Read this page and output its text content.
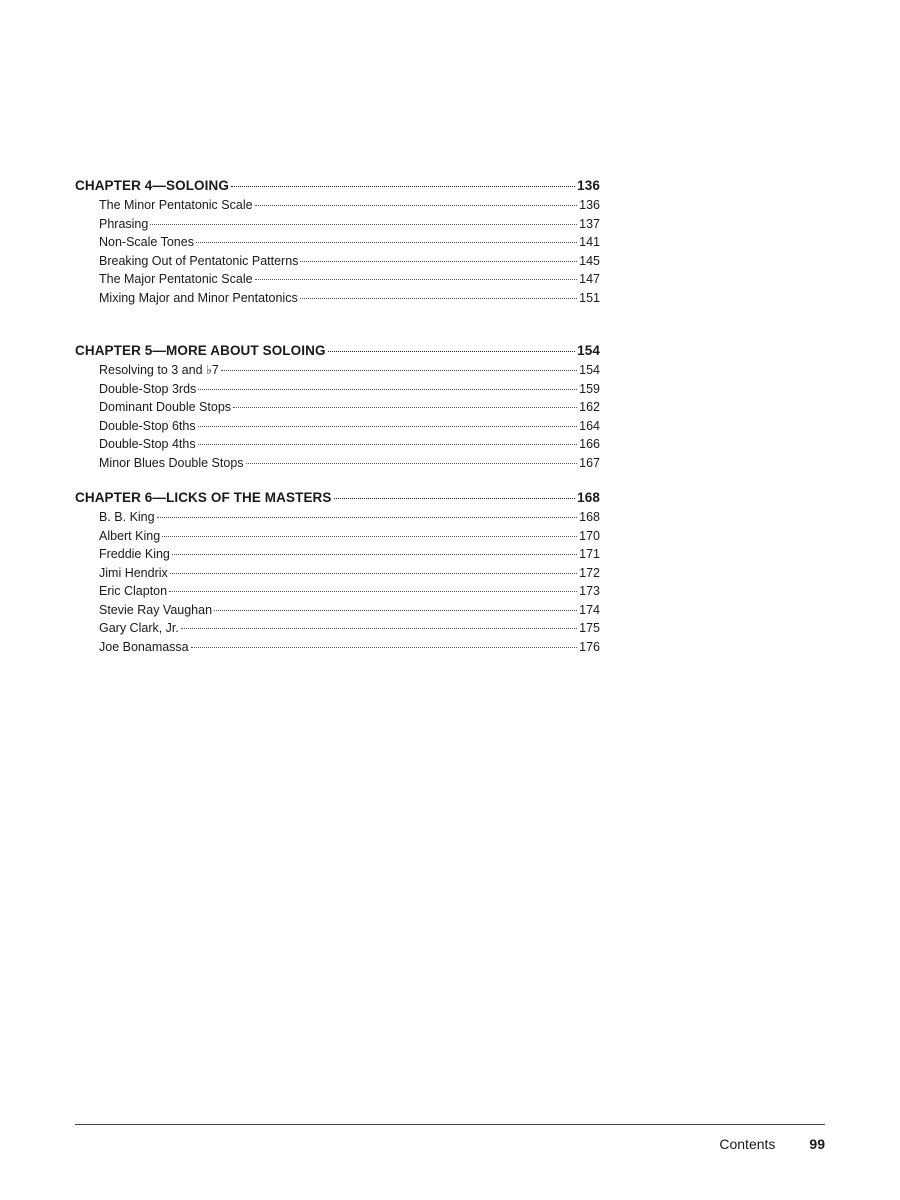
CHAPTER 4—SOLOING	136
The Minor Pentatonic Scale	136
Phrasing	137
Non-Scale Tones	141
Breaking Out of Pentatonic Patterns	145
The Major Pentatonic Scale	147
Mixing Major and Minor Pentatonics	151
CHAPTER 5—MORE ABOUT SOLOING	154
Resolving to 3 and ♭7	154
Double-Stop 3rds	159
Dominant Double Stops	162
Double-Stop 6ths	164
Double-Stop 4ths	166
Minor Blues Double Stops	167
CHAPTER 6—LICKS OF THE MASTERS	168
B. B. King	168
Albert King	170
Freddie King	171
Jimi Hendrix	172
Eric Clapton	173
Stevie Ray Vaughan	174
Gary Clark, Jr.	175
Joe Bonamassa	176
Contents 99
